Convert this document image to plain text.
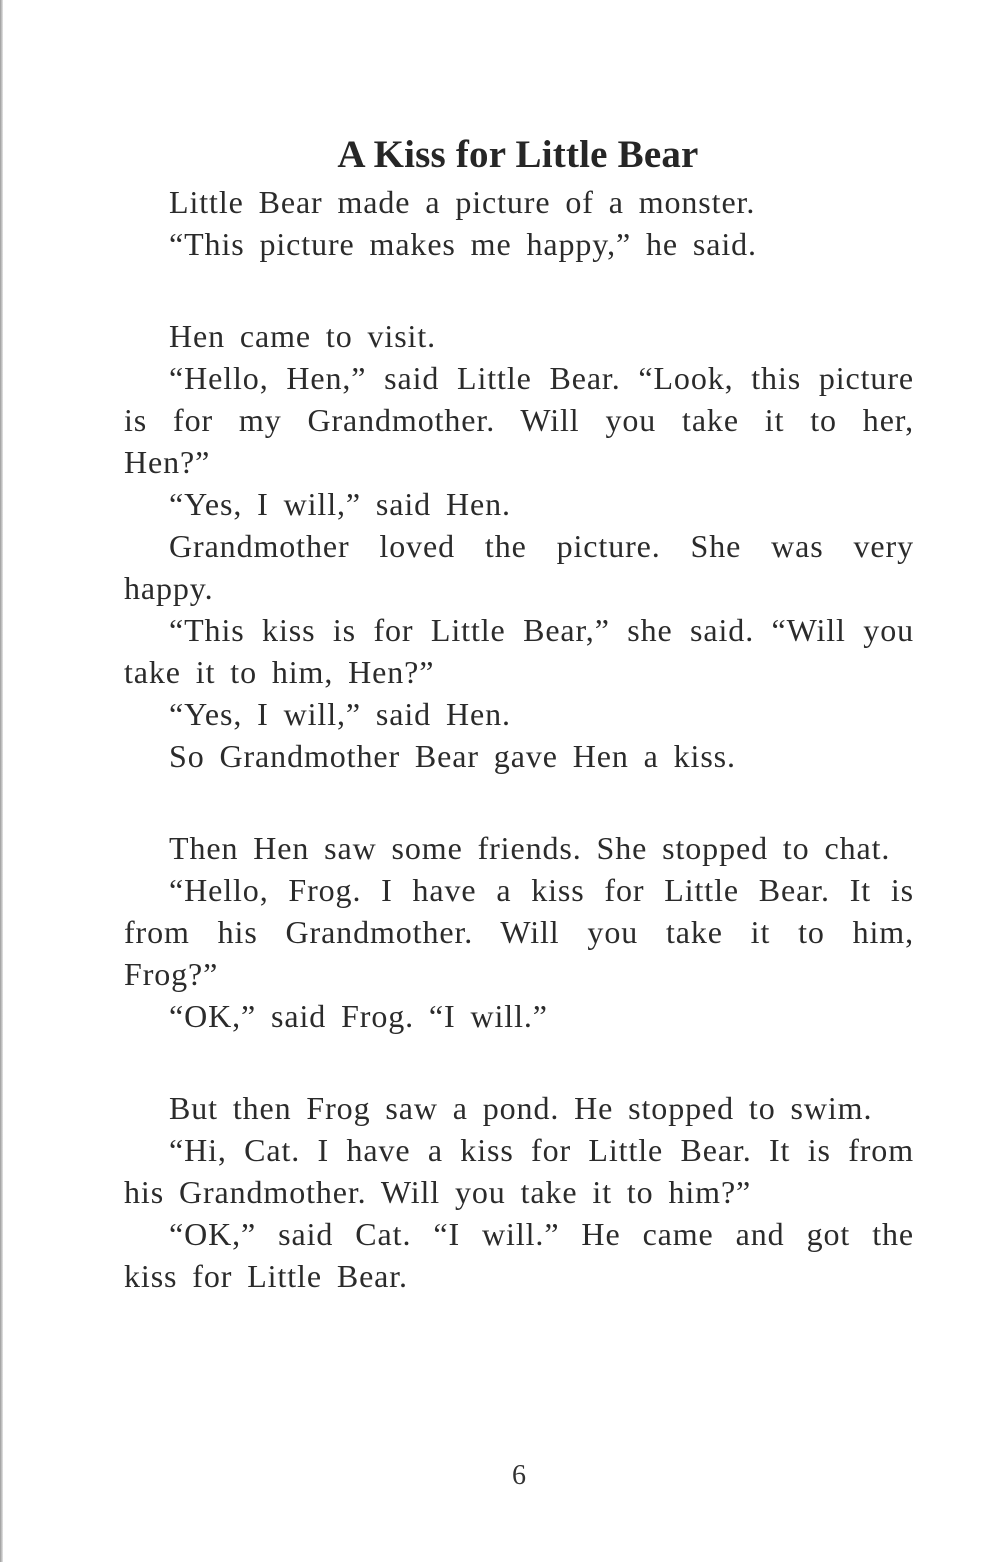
A Kiss for Little Bear

Little Bear made a picture of a monster.

“This picture makes me happy,” he said.

Hen came to visit.

“Hello, Hen,” said Little Bear. “Look, this picture is for my Grandmother. Will you take it to her, Hen?”

“Yes, I will,” said Hen.

Grandmother loved the picture. She was very happy.

“This kiss is for Little Bear,” she said. “Will you take it to him, Hen?”

“Yes, I will,” said Hen.

So Grandmother Bear gave Hen a kiss.

Then Hen saw some friends. She stopped to chat.

“Hello, Frog. I have a kiss for Little Bear. It is from his Grandmother. Will you take it to him, Frog?”

“OK,” said Frog. “I will.”

But then Frog saw a pond. He stopped to swim.

“Hi, Cat. I have a kiss for Little Bear. It is from his Grandmother. Will you take it to him?”

“OK,” said Cat. “I will.” He came and got the kiss for Little Bear.

6
